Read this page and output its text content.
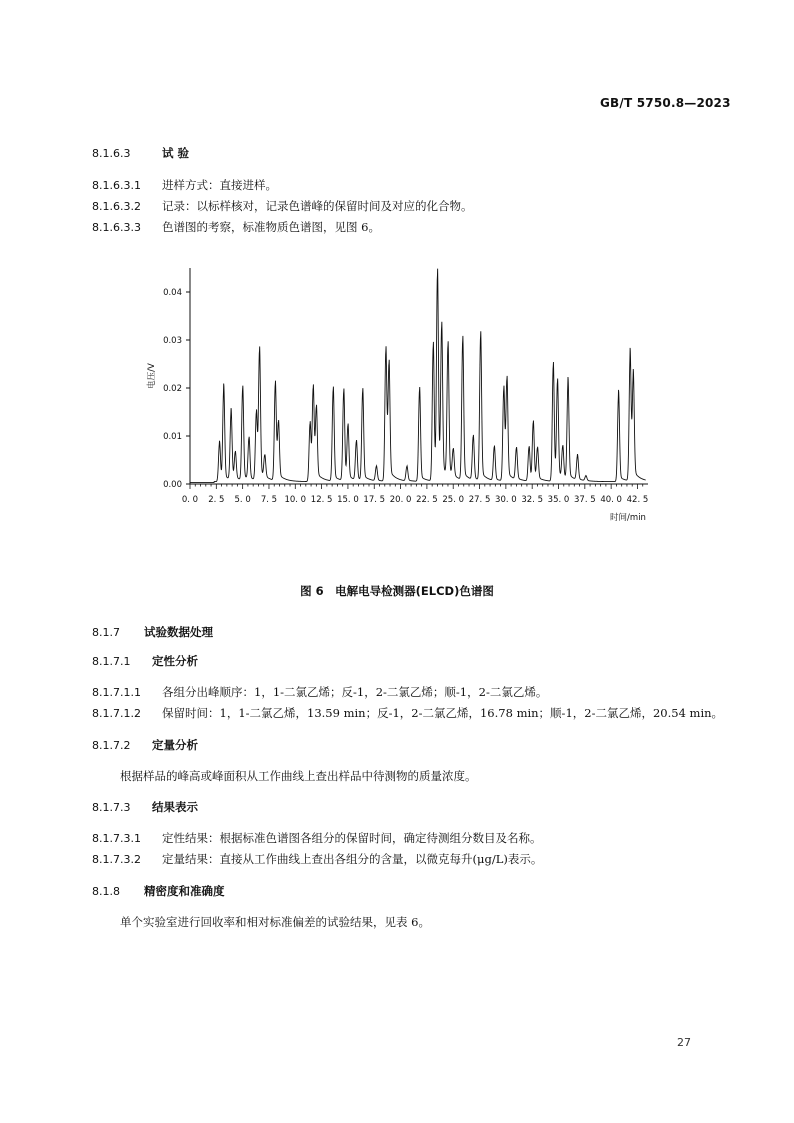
GB/T 5750.8—2023
8.1.6.3	试 验
8.1.6.3.1 进样方式：直接进样。
8.1.6.3.2 记录：以标样核对，记录色谱峰的保留时间及对应的化合物。
8.1.6.3.3 色谱图的考察，标准物质色谱图，见图 6。
0.00
0.01
0.02
0.03
0.04
0. 0 2. 5 5. 0 7. 5 10. 0 12. 5 15. 0 17. 5 20. 0 22. 5 25. 0 27. 5 30. 0 32. 5 35. 0 37. 5 40. 0 42. 5
电压/V
时间/min
图 6　电解电导检测器(ELCD)色谱图
8.1.7 试验数据处理
8.1.7.1 定性分析
8.1.7.1.1 各组分出峰顺序：1，1-二氯乙烯；反-1，2-二氯乙烯；顺-1，2-二氯乙烯。
8.1.7.1.2 保留时间：1，1-二氯乙烯，13.59 min；反-1，2-二氯乙烯，16.78 min；顺-1，2-二氯乙烯，20.54 min。
8.1.7.2 定量分析
根据样品的峰高或峰面积从工作曲线上查出样品中待测物的质量浓度。
8.1.7.3 结果表示
8.1.7.3.1 定性结果：根据标准色谱图各组分的保留时间，确定待测组分数目及名称。
8.1.7.3.2 定量结果：直接从工作曲线上查出各组分的含量，以微克每升(μg/L)表示。
8.1.8 精密度和准确度
单个实验室进行回收率和相对标准偏差的试验结果，见表 6。
27
